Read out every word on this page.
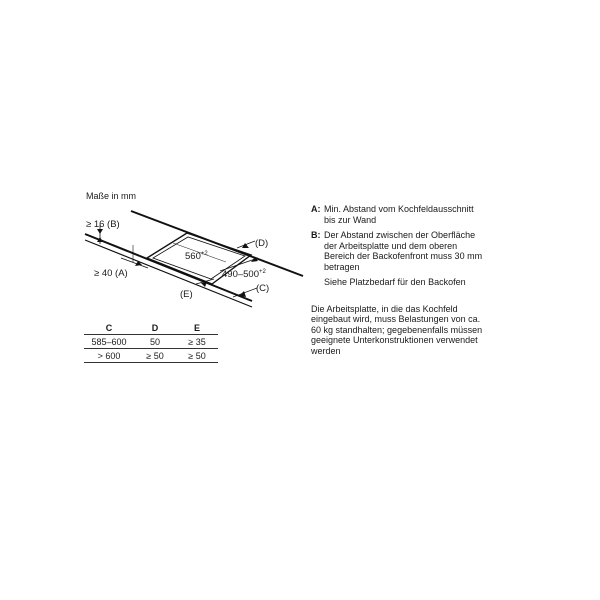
Maße in mm
≥ 16 (B)
≥ 40 (A)
$560^{+2}$
$490-500^{+2}$
(D)
(C)
(E)
C	D	E
585–600	50	≥ 35
> 600	≥ 50	≥ 50
A: Min. Abstand vom Kochfeldausschnitt
bis zur Wand
B: Der Abstand zwischen der Oberfläche
der Arbeitsplatte und dem oberen
Bereich der Backofenfront muss 30 mm
betragen
Siehe Platzbedarf für den Backofen

Die Arbeitsplatte, in die das Kochfeld
eingebaut wird, muss Belastungen von ca.
60 kg standhalten; gegebenenfalls müssen
geeignete Unterkonstruktionen verwendet
werden
